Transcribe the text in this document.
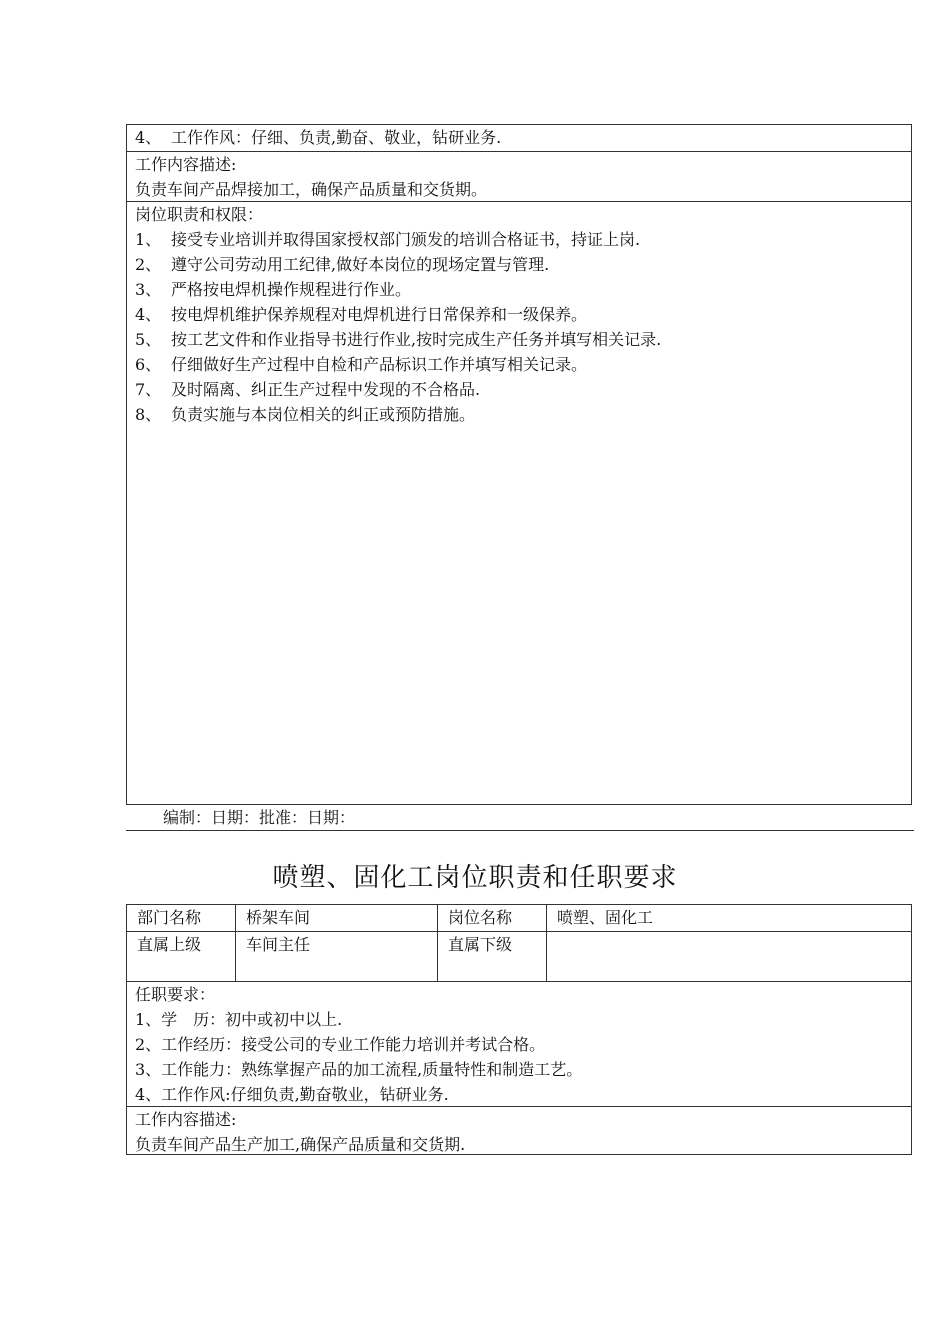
4、 工作作风：仔细、负责,勤奋、敬业，钻研业务.
工作内容描述:
负责车间产品焊接加工，确保产品质量和交货期。
岗位职责和权限：
1、 接受专业培训并取得国家授权部门颁发的培训合格证书，持证上岗.
2、 遵守公司劳动用工纪律,做好本岗位的现场定置与管理.
3、 严格按电焊机操作规程进行作业。
4、 按电焊机维护保养规程对电焊机进行日常保养和一级保养。
5、 按工艺文件和作业指导书进行作业,按时完成生产任务并填写相关记录.
6、 仔细做好生产过程中自检和产品标识工作并填写相关记录。
7、 及时隔离、纠正生产过程中发现的不合格品.
8、 负责实施与本岗位相关的纠正或预防措施。
编制：日期：批准：日期：
喷塑、固化工岗位职责和任职要求
部门名称	桥架车间	岗位名称	喷塑、固化工
直属上级	车间主任	直属下级
任职要求：
1、学　历：初中或初中以上.
2、工作经历：接受公司的专业工作能力培训并考试合格。
3、工作能力：熟练掌握产品的加工流程,质量特性和制造工艺。
4、工作作风:仔细负责,勤奋敬业，钻研业务.
工作内容描述:
负责车间产品生产加工,确保产品质量和交货期.
